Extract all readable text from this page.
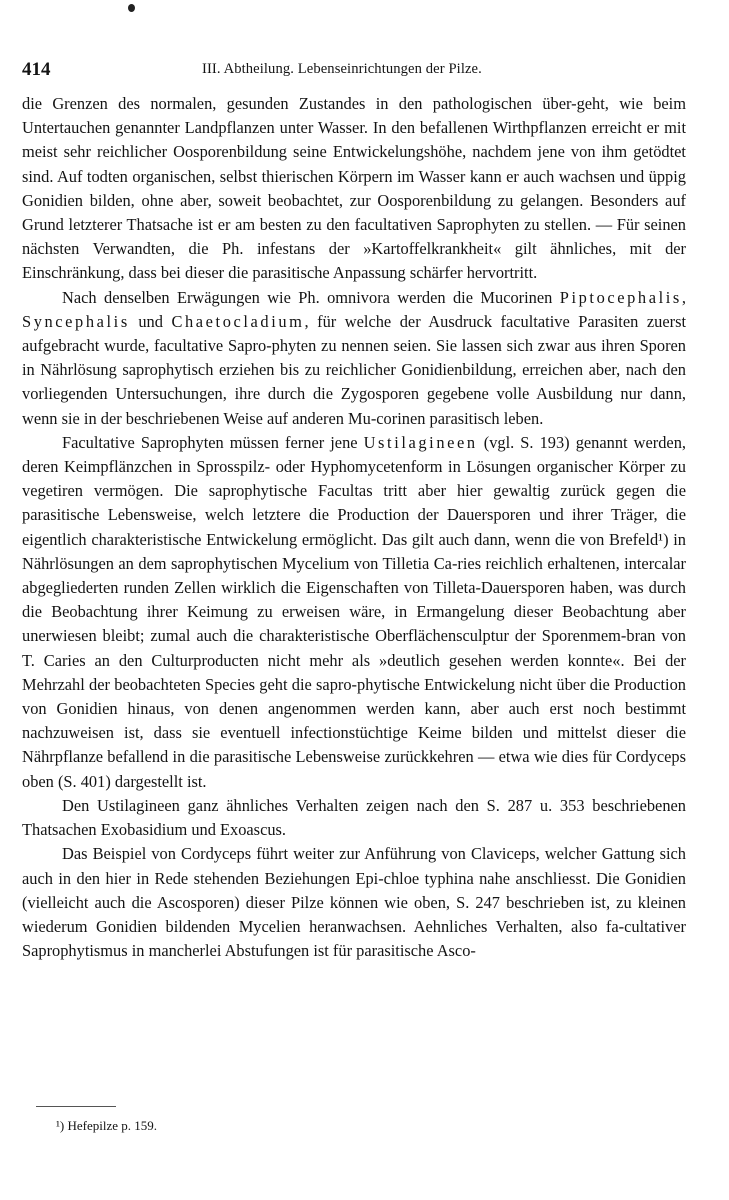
414	III. Abtheilung. Lebenseinrichtungen der Pilze.

die Grenzen des normalen, gesunden Zustandes in den pathologischen über-geht, wie beim Untertauchen genannter Landpflanzen unter Wasser. In den befallenen Wirthpflanzen erreicht er mit meist sehr reichlicher Oosporenbildung seine Entwickelungshöhe, nachdem jene von ihm getödtet sind. Auf todten organischen, selbst thierischen Körpern im Wasser kann er auch wachsen und üppig Gonidien bilden, ohne aber, soweit beobachtet, zur Oosporenbildung zu gelangen. Besonders auf Grund letzterer Thatsache ist er am besten zu den facultativen Saprophyten zu stellen. — Für seinen nächsten Verwandten, die Ph. infestans der »Kartoffelkrankheit« gilt ähnliches, mit der Einschränkung, dass bei dieser die parasitische Anpassung schärfer hervortritt.

Nach denselben Erwägungen wie Ph. omnivora werden die Mucorinen Piptocephalis, Syncephalis und Chaetocladium, für welche der Ausdruck facultative Parasiten zuerst aufgebracht wurde, facultative Sapro-phyten zu nennen seien. Sie lassen sich zwar aus ihren Sporen in Nährlösung saprophytisch erziehen bis zu reichlicher Gonidienbildung, erreichen aber, nach den vorliegenden Untersuchungen, ihre durch die Zygosporen gegebene volle Ausbildung nur dann, wenn sie in der beschriebenen Weise auf anderen Mu-corinen parasitisch leben.

Facultative Saprophyten müssen ferner jene Ustilagineen (vgl. S. 193) genannt werden, deren Keimpflänzchen in Sprosspilz- oder Hyphomycetenform in Lösungen organischer Körper zu vegetiren vermögen. Die saprophytische Facultas tritt aber hier gewaltig zurück gegen die parasitische Lebensweise, welch letztere die Production der Dauersporen und ihrer Träger, die eigentlich charakteristische Entwickelung ermöglicht. Das gilt auch dann, wenn die von Brefeld¹) in Nährlösungen an dem saprophytischen Mycelium von Tilletia Ca-ries reichlich erhaltenen, intercalar abgegliederten runden Zellen wirklich die Eigenschaften von Tilleta-Dauersporen haben, was durch die Beobachtung ihrer Keimung zu erweisen wäre, in Ermangelung dieser Beobachtung aber unerwiesen bleibt; zumal auch die charakteristische Oberflächensculptur der Sporenmem-bran von T. Caries an den Culturproducten nicht mehr als »deutlich gesehen werden konnte«. Bei der Mehrzahl der beobachteten Species geht die sapro-phytische Entwickelung nicht über die Production von Gonidien hinaus, von denen angenommen werden kann, aber auch erst noch bestimmt nachzuweisen ist, dass sie eventuell infectionstüchtige Keime bilden und mittelst dieser die Nährpflanze befallend in die parasitische Lebensweise zurückkehren — etwa wie dies für Cordyceps oben (S. 401) dargestellt ist.

Den Ustilagineen ganz ähnliches Verhalten zeigen nach den S. 287 u. 353 beschriebenen Thatsachen Exobasidium und Exoascus.

Das Beispiel von Cordyceps führt weiter zur Anführung von Claviceps, welcher Gattung sich auch in den hier in Rede stehenden Beziehungen Epi-chloe typhina nahe anschliesst. Die Gonidien (vielleicht auch die Ascosporen) dieser Pilze können wie oben, S. 247 beschrieben ist, zu kleinen wiederum Gonidien bildenden Mycelien heranwachsen. Aehnliches Verhalten, also fa-cultativer Saprophytismus in mancherlei Abstufungen ist für parasitische Asco-

¹) Hefepilze p. 159.
